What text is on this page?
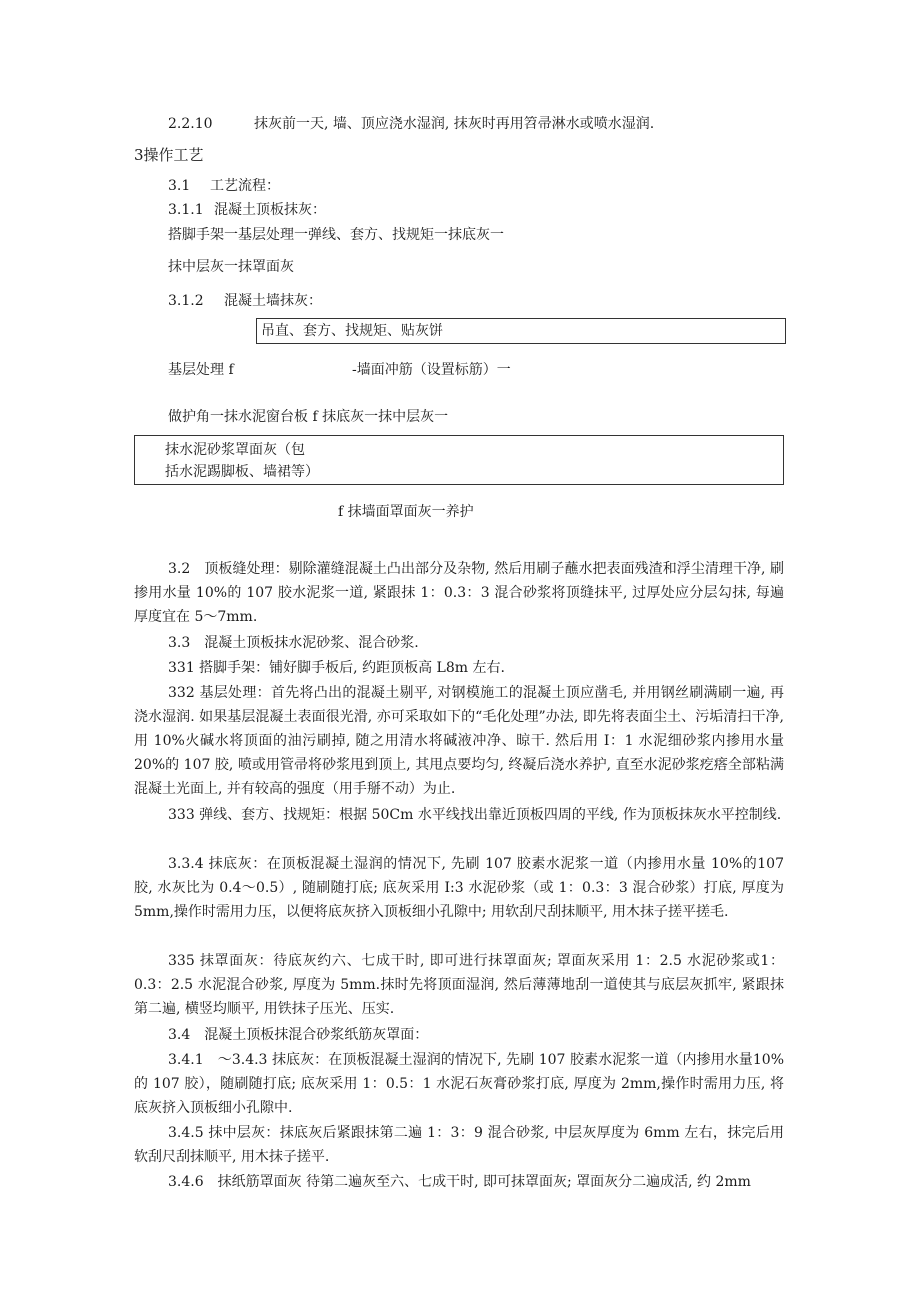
2.2.10	抹灰前一天, 墙、顶应浇水湿润, 抹灰时再用笤帚淋水或喷水湿润.
3操作工艺
3.1 工艺流程：
3.1.1 混凝土顶板抹灰：
搭脚手架一基层处理一弹线、套方、找规矩一抹底灰一
抹中层灰一抹罩面灰
3.1.2 混凝土墙抹灰：
吊直、套方、找规矩、贴灰饼
基层处理 f	-墙面冲筋（设置标筋）一
做护角一抹水泥窗台板 f 抹底灰一抹中层灰一
抹水泥砂浆罩面灰（包
括水泥踢脚板、墙裙等）
f 抹墙面罩面灰一养护
3.2　顶板缝处理：剔除灌缝混凝土凸出部分及杂物, 然后用刷子蘸水把表面残渣和浮尘清理干净, 刷掺用水量 10%的 107 胶水泥浆一道, 紧跟抹 1：0.3：3 混合砂浆将顶缝抹平, 过厚处应分层勾抹, 每遍厚度宜在 5～7mm.
3.3　混凝土顶板抹水泥砂浆、混合砂浆.
331 搭脚手架：铺好脚手板后, 约距顶板高 L8m 左右.
332 基层处理：首先将凸出的混凝土剔平, 对钢模施工的混凝土顶应凿毛, 并用钢丝刷满刷一遍, 再浇水湿润. 如果基层混凝土表面很光滑, 亦可采取如下的“毛化处理”办法, 即先将表面尘土、污垢清扫干净, 用 10%火碱水将顶面的油污刷掉, 随之用清水将碱液冲净、晾干. 然后用 I：1 水泥细砂浆内掺用水量 20%的 107 胶, 喷或用管帚将砂浆甩到顶上, 其甩点要均匀, 终凝后浇水养护, 直至水泥砂浆疙瘩全部粘满混凝土光面上, 并有较高的强度（用手掰不动）为止.
333 弹线、套方、找规矩：根据 50Cm 水平线找出靠近顶板四周的平线, 作为顶板抹灰水平控制线.
3.3.4 抹底灰：在顶板混凝土湿润的情况下, 先刷 107 胶素水泥浆一道（内掺用水量 10%的107 胶, 水灰比为 0.4～0.5）, 随刷随打底; 底灰采用 I:3 水泥砂浆（或 1：0.3：3 混合砂浆）打底, 厚度为 5mm,操作时需用力压，以便将底灰挤入顶板细小孔隙中; 用软刮尺刮抹顺平, 用木抹子搓平搓毛.
335 抹罩面灰：待底灰约六、七成干时, 即可进行抹罩面灰; 罩面灰采用 1：2.5 水泥砂浆或1：0.3：2.5 水泥混合砂浆, 厚度为 5mm.抹时先将顶面湿润, 然后薄薄地刮一道使其与底层灰抓牢, 紧跟抹第二遍, 横竖均顺平, 用铁抹子压光、压实.
3.4　混凝土顶板抹混合砂浆纸筋灰罩面：
3.4.1　～3.4.3 抹底灰：在顶板混凝土湿润的情况下, 先刷 107 胶素水泥浆一道（内掺用水量10%的 107 胶），随刷随打底; 底灰采用 1：0.5：1 水泥石灰膏砂浆打底, 厚度为 2mm,操作时需用力压, 将底灰挤入顶板细小孔隙中.
3.4.5 抹中层灰：抹底灰后紧跟抹第二遍 1：3：9 混合砂浆, 中层灰厚度为 6mm 左右，抹完后用软刮尺刮抹顺平, 用木抹子搓平.
3.4.6　抹纸筋罩面灰 待第二遍灰至六、七成干时, 即可抹罩面灰; 罩面灰分二遍成活, 约 2mm
